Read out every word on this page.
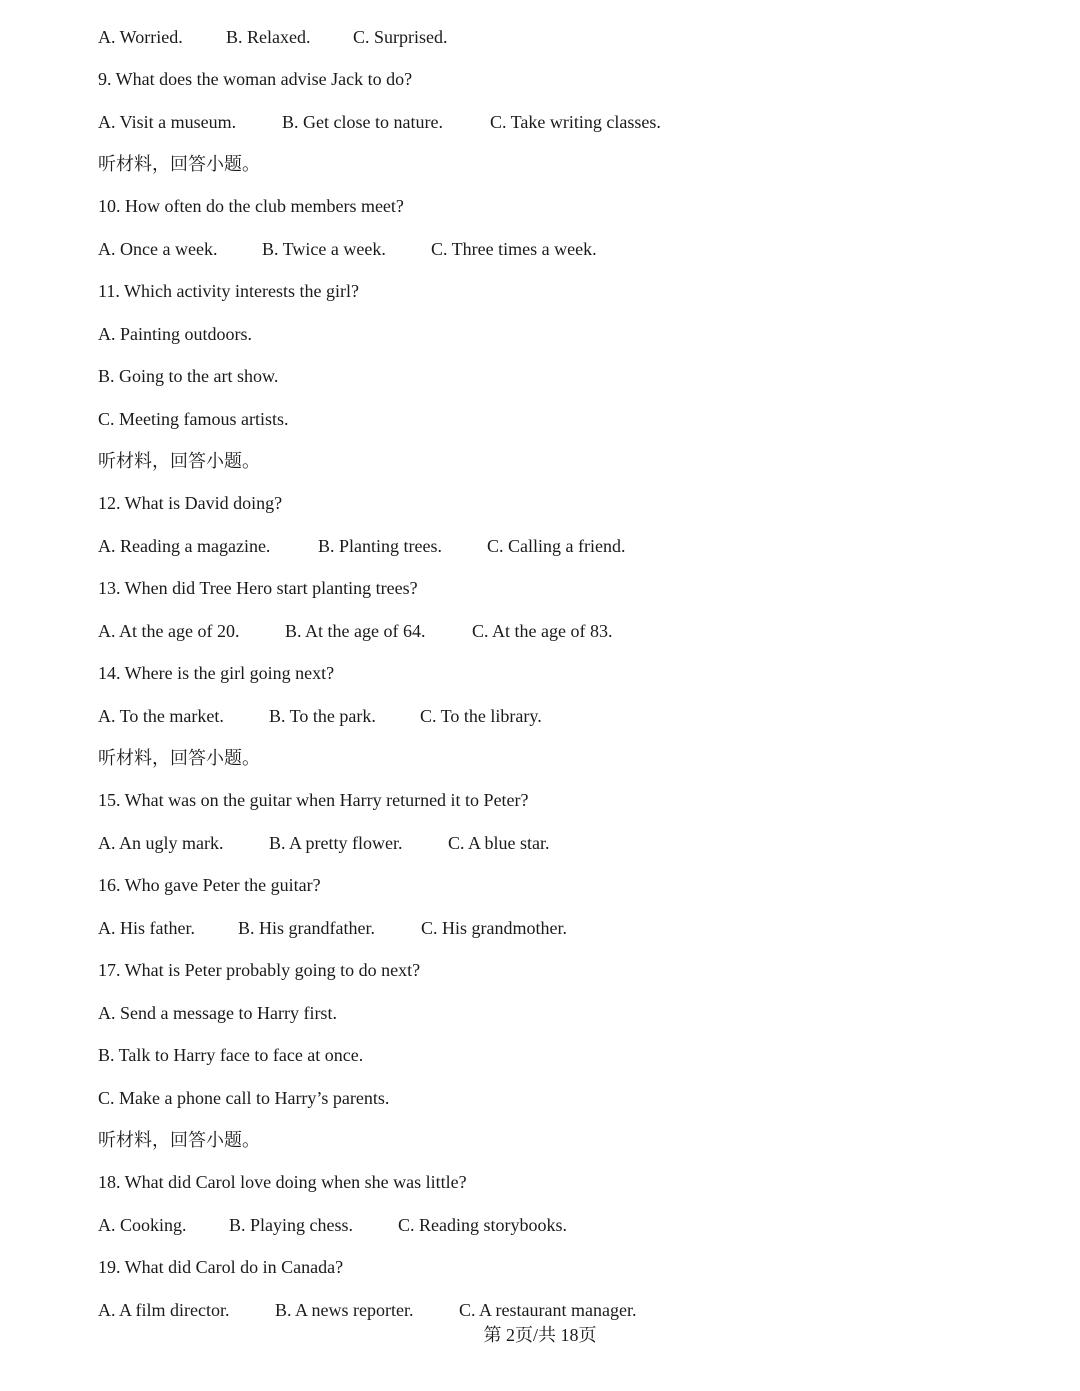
A. Worried. B. Relaxed. C. Surprised.
9. What does the woman advise Jack to do?
A. Visit a museum.	B. Get close to nature.	C. Take writing classes.
听材料，回答小题。
10. How often do the club members meet?
A. Once a week. B. Twice a week.	C. Three times a week.
11. Which activity interests the girl?
A. Painting outdoors.
B. Going to the art show.
C. Meeting famous artists.
听材料，回答小题。
12. What is David doing?
A. Reading a magazine.	B. Planting trees.	C. Calling a friend.
13. When did Tree Hero start planting trees?
A. At the age of 20.	B. At the age of 64.	C. At the age of 83.
14. Where is the girl going next?
A. To the market.	B. To the park. C. To the library.
听材料，回答小题。
15. What was on the guitar when Harry returned it to Peter?
A. An ugly mark.	B. A pretty flower.	C. A blue star.
16. Who gave Peter the guitar?
A. His father. B. His grandfather.	C. His grandmother.
17. What is Peter probably going to do next?
A. Send a message to Harry first.
B. Talk to Harry face to face at once.
C. Make a phone call to Harry’s parents.
听材料，回答小题。
18. What did Carol love doing when she was little?
A. Cooking. B. Playing chess.	C. Reading storybooks.
19. What did Carol do in Canada?
A. A film director.	B. A news reporter.	C. A restaurant manager.
第 2页/共 18页
